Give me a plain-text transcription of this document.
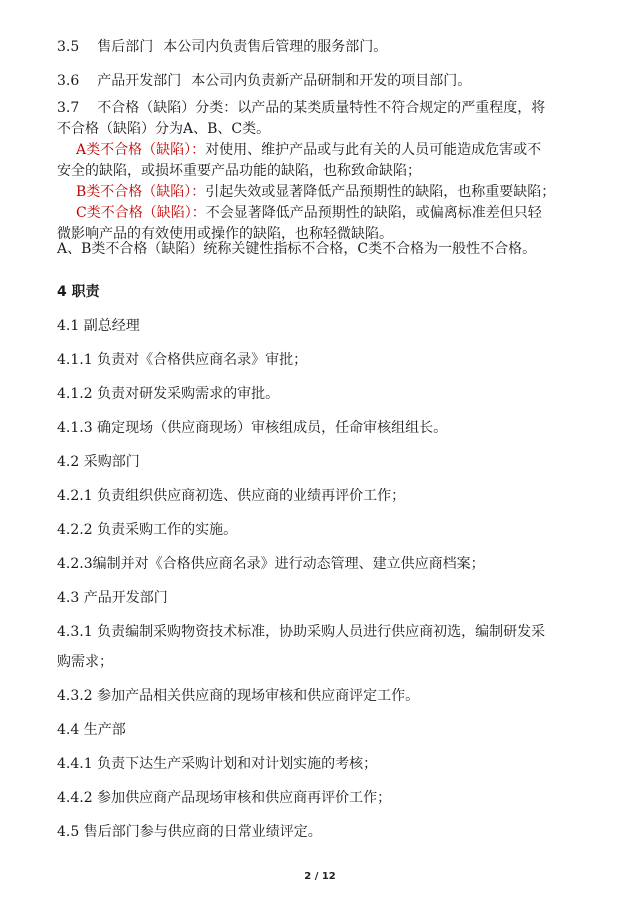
3.5 售后部门 本公司内负责售后管理的服务部门。
3.6 产品开发部门 本公司内负责新产品研制和开发的项目部门。
3.7 不合格（缺陷）分类：以产品的某类质量特性不符合规定的严重程度，将
不合格（缺陷）分为A、B、C类。
A类不合格（缺陷）：对使用、维护产品或与此有关的人员可能造成危害或不
安全的缺陷，或损坏重要产品功能的缺陷，也称致命缺陷；
B类不合格（缺陷）：引起失效或显著降低产品预期性的缺陷，也称重要缺陷；
C类不合格（缺陷）：不会显著降低产品预期性的缺陷，或偏离标准差但只轻
微影响产品的有效使用或操作的缺陷，也称轻微缺陷。
A、B类不合格（缺陷）统称关键性指标不合格，C类不合格为一般性不合格。
4 职责
4.1 副总经理
4.1.1 负责对《合格供应商名录》审批；
4.1.2 负责对研发采购需求的审批。
4.1.3 确定现场（供应商现场）审核组成员，任命审核组组长。
4.2 采购部门
4.2.1 负责组织供应商初选、供应商的业绩再评价工作；
4.2.2 负责采购工作的实施。
4.2.3编制并对《合格供应商名录》进行动态管理、建立供应商档案；
4.3 产品开发部门
4.3.1 负责编制采购物资技术标准，协助采购人员进行供应商初选，编制研发采
购需求；
4.3.2 参加产品相关供应商的现场审核和供应商评定工作。
4.4 生产部
4.4.1 负责下达生产采购计划和对计划实施的考核；
4.4.2 参加供应商产品现场审核和供应商再评价工作；
4.5 售后部门参与供应商的日常业绩评定。
2 / 12
